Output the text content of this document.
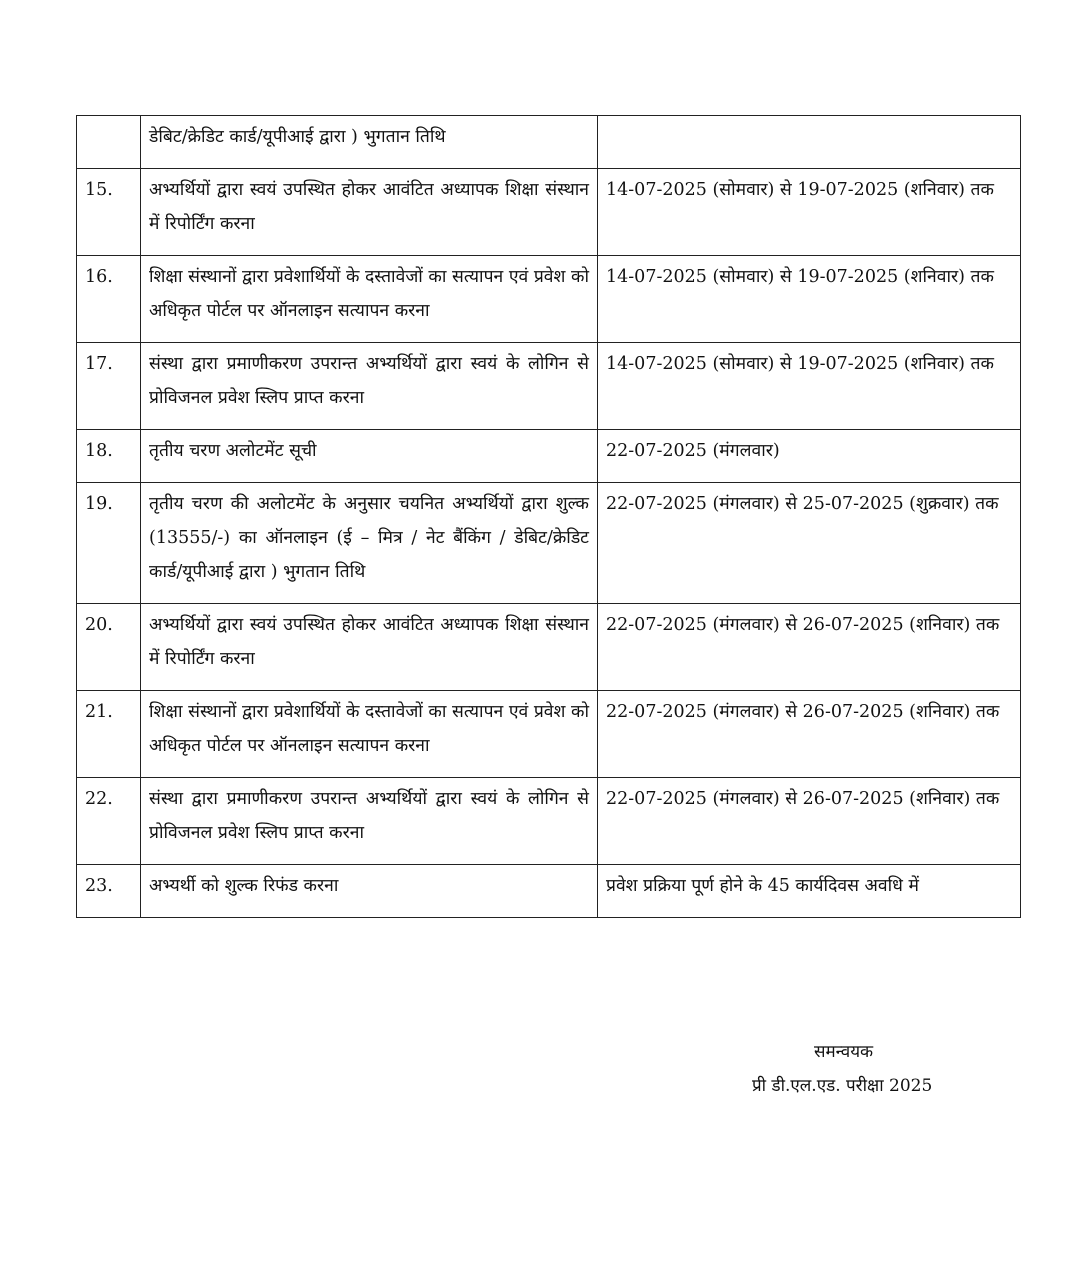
	डेबिट/क्रेडिट कार्ड/यूपीआई द्वारा ) भुगतान तिथि	

15.	अभ्यर्थियों द्वारा स्वयं उपस्थित होकर आवंटित अध्यापक शिक्षा संस्थान में रिपोर्टिंग करना	14-07-2025 (सोमवार) से 19-07-2025 (शनिवार) तक

16.	शिक्षा संस्थानों द्वारा प्रवेशार्थियों के दस्तावेजों का सत्यापन एवं प्रवेश को अधिकृत पोर्टल पर ऑनलाइन सत्यापन करना	14-07-2025 (सोमवार) से 19-07-2025 (शनिवार) तक

17.	संस्था द्वारा प्रमाणीकरण उपरान्त अभ्यर्थियों द्वारा स्वयं के लोगिन से प्रोविजनल प्रवेश स्लिप प्राप्त करना	14-07-2025 (सोमवार) से 19-07-2025 (शनिवार) तक

18.	तृतीय चरण अलोटमेंट सूची	22-07-2025 (मंगलवार)

19.	तृतीय चरण की अलोटमेंट के अनुसार चयनित अभ्यर्थियों द्वारा शुल्क (13555/-) का ऑनलाइन (ई – मित्र / नेट बैंकिंग / डेबिट/क्रेडिट कार्ड/यूपीआई द्वारा ) भुगतान तिथि	22-07-2025 (मंगलवार) से 25-07-2025 (शुक्रवार) तक

20.	अभ्यर्थियों द्वारा स्वयं उपस्थित होकर आवंटित अध्यापक शिक्षा संस्थान में रिपोर्टिंग करना	22-07-2025 (मंगलवार) से 26-07-2025 (शनिवार) तक

21.	शिक्षा संस्थानों द्वारा प्रवेशार्थियों के दस्तावेजों का सत्यापन एवं प्रवेश को अधिकृत पोर्टल पर ऑनलाइन सत्यापन करना	22-07-2025 (मंगलवार) से 26-07-2025 (शनिवार) तक

22.	संस्था द्वारा प्रमाणीकरण उपरान्त अभ्यर्थियों द्वारा स्वयं के लोगिन से प्रोविजनल प्रवेश स्लिप प्राप्त करना	22-07-2025 (मंगलवार) से 26-07-2025 (शनिवार) तक

23.	अभ्यर्थी को शुल्क रिफंड करना	प्रवेश प्रक्रिया पूर्ण होने के 45 कार्यदिवस अवधि में
समन्वयक
प्री डी.एल.एड. परीक्षा 2025
